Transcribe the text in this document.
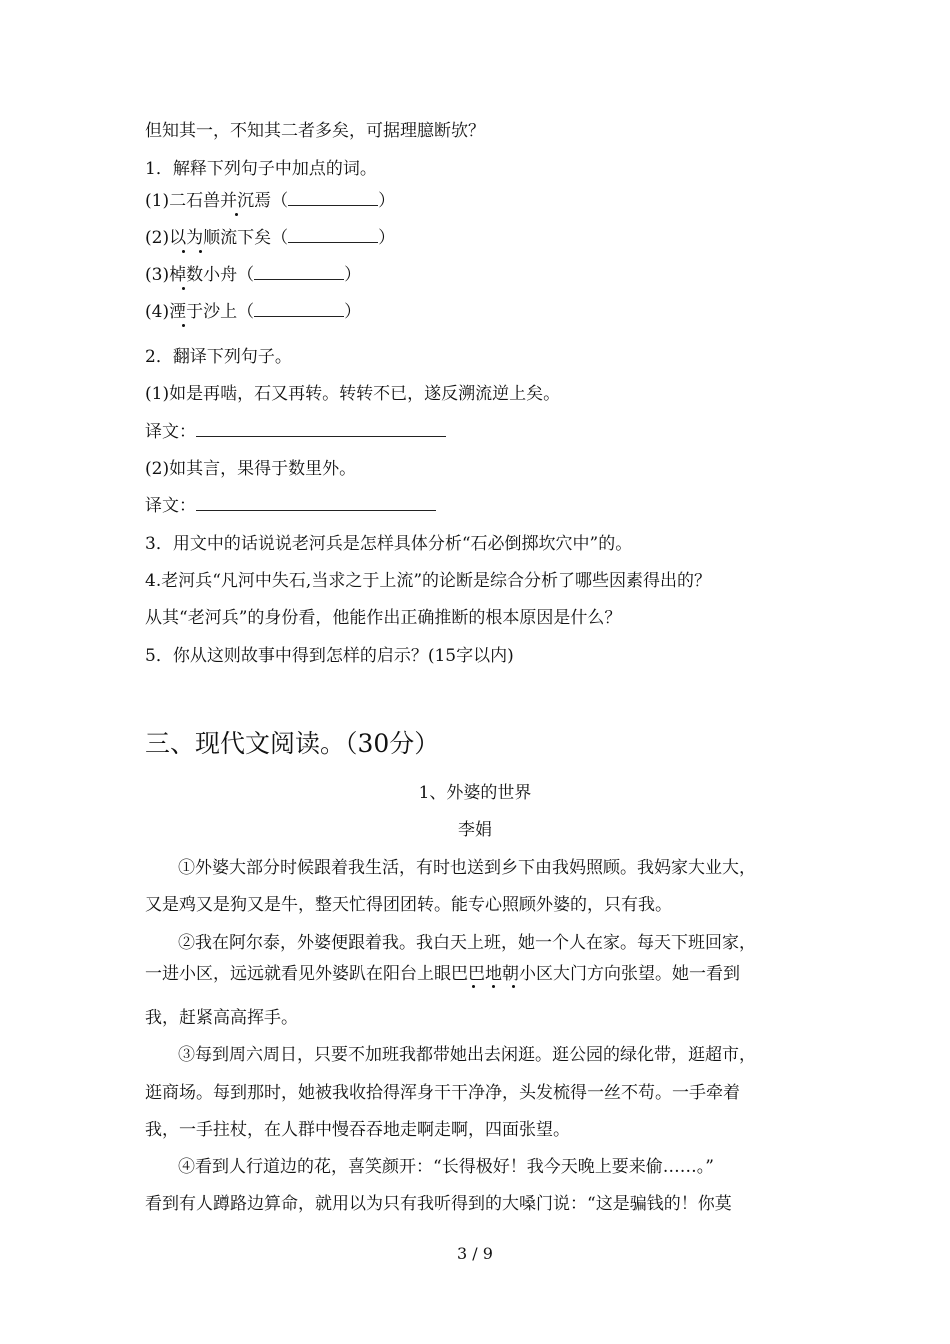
但知其一，不知其二者多矣，可据理臆断欤？
1．解释下列句子中加点的词。
(1)二石兽并沉焉（	）
(2)以为顺流下矣（	）
(3)棹数小舟（	）
(4)湮于沙上（	）
2．翻译下列句子。
(1)如是再啮，石又再转。转转不已，遂反溯流逆上矣。
译文：
(2)如其言，果得于数里外。
译文：
3．用文中的话说说老河兵是怎样具体分析“石必倒掷坎穴中”的。
4.老河兵“凡河中失石,当求之于上流”的论断是综合分析了哪些因素得出的？
从其“老河兵”的身份看，他能作出正确推断的根本原因是什么？
5．你从这则故事中得到怎样的启示？(15字以内)
三、现代文阅读。（30分）
1、外婆的世界
李娟
①外婆大部分时候跟着我生活，有时也送到乡下由我妈照顾。我妈家大业大，
又是鸡又是狗又是牛，整天忙得团团转。能专心照顾外婆的，只有我。
②我在阿尔泰，外婆便跟着我。我白天上班，她一个人在家。每天下班回家，
一进小区，远远就看见外婆趴在阳台上眼巴巴地朝小区大门方向张望。她一看到
我，赶紧高高挥手。
③每到周六周日，只要不加班我都带她出去闲逛。逛公园的绿化带，逛超市，
逛商场。每到那时，她被我收拾得浑身干干净净，头发梳得一丝不苟。一手牵着
我，一手拄杖，在人群中慢吞吞地走啊走啊，四面张望。
④看到人行道边的花，喜笑颜开：“长得极好！我今天晚上要来偷……。”
看到有人蹲路边算命，就用以为只有我听得到的大嗓门说：“这是骗钱的！你莫
3 / 9
